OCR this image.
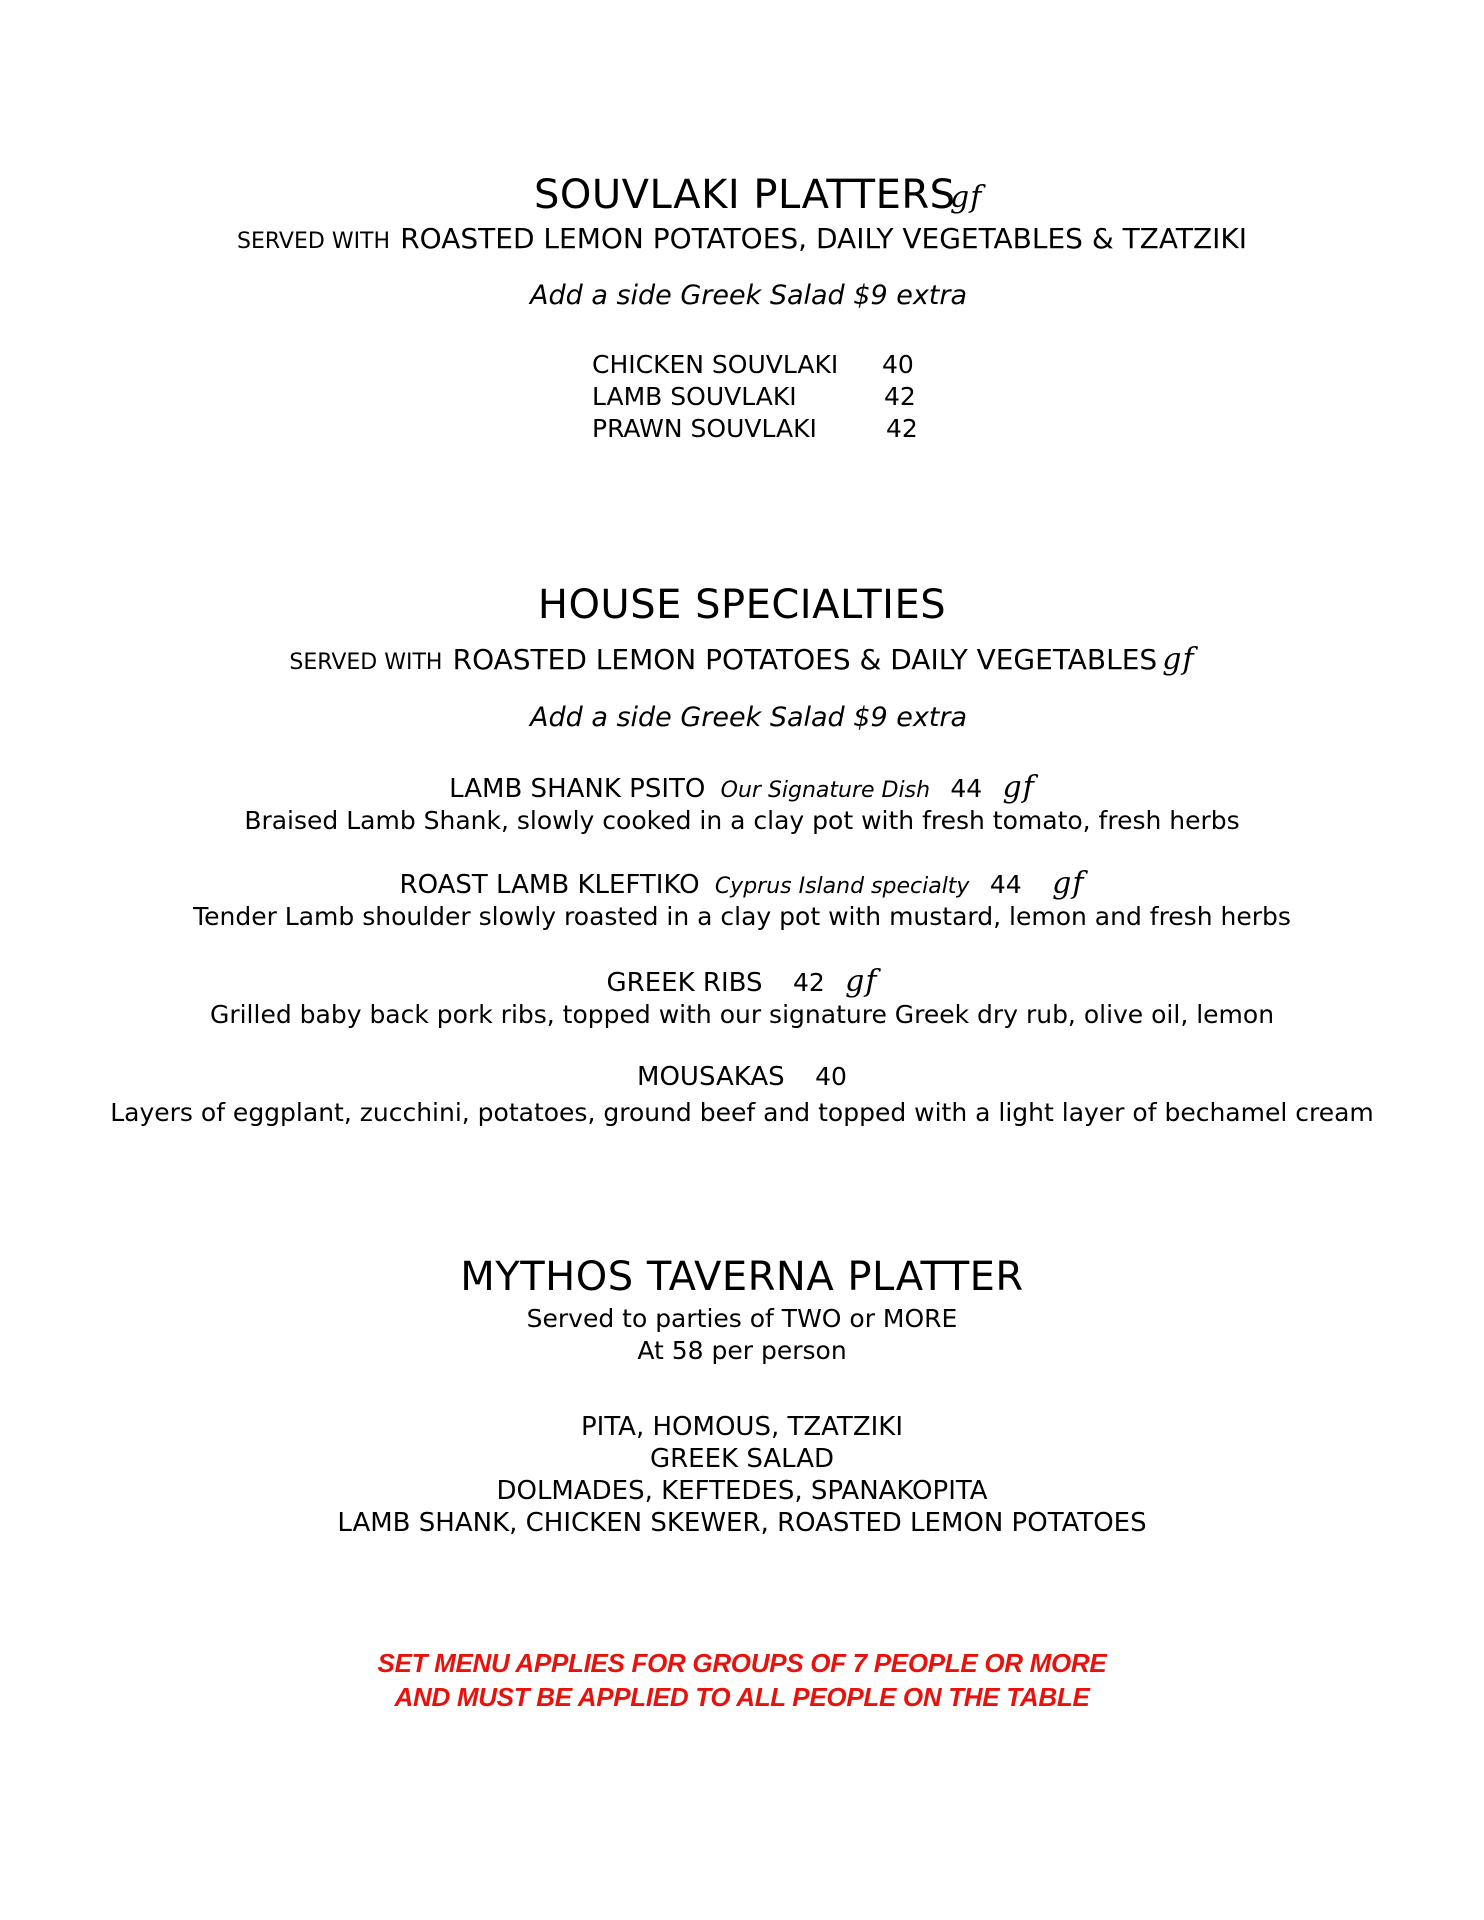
SOUVLAKI PLATTERS
gf
SERVED WITH ROASTED LEMON POTATOES, DAILY VEGETABLES & TZATZIKI
Add a side Greek Salad $9 extra
CHICKEN SOUVLAKI 40
LAMB SOUVLAKI	42
PRAWN SOUVLAKI	42
HOUSE SPECIALTIES
SERVED WITH ROASTED LEMON POTATOES & DAILY VEGETABLES gf
Add a side Greek Salad $9 extra
LAMB SHANK PSITO Our Signature Dish 44 gf
Braised Lamb Shank, slowly cooked in a clay pot with fresh tomato, fresh herbs
ROAST LAMB KLEFTIKO Cyprus Island specialty 44 gf
Tender Lamb shoulder slowly roasted in a clay pot with mustard, lemon and fresh herbs
GREEK RIBS 42 gf
Grilled baby back pork ribs, topped with our signature Greek dry rub, olive oil, lemon
MOUSAKAS 40
Layers of eggplant, zucchini, potatoes, ground beef and topped with a light layer of bechamel cream
MYTHOS TAVERNA PLATTER
Served to parties of TWO or MORE
At 58 per person
PITA, HOMOUS, TZATZIKI
GREEK SALAD
DOLMADES, KEFTEDES, SPANAKOPITA
LAMB SHANK, CHICKEN SKEWER, ROASTED LEMON POTATOES
SET MENU APPLIES FOR GROUPS OF 7 PEOPLE OR MORE
AND MUST BE APPLIED TO ALL PEOPLE ON THE TABLE
